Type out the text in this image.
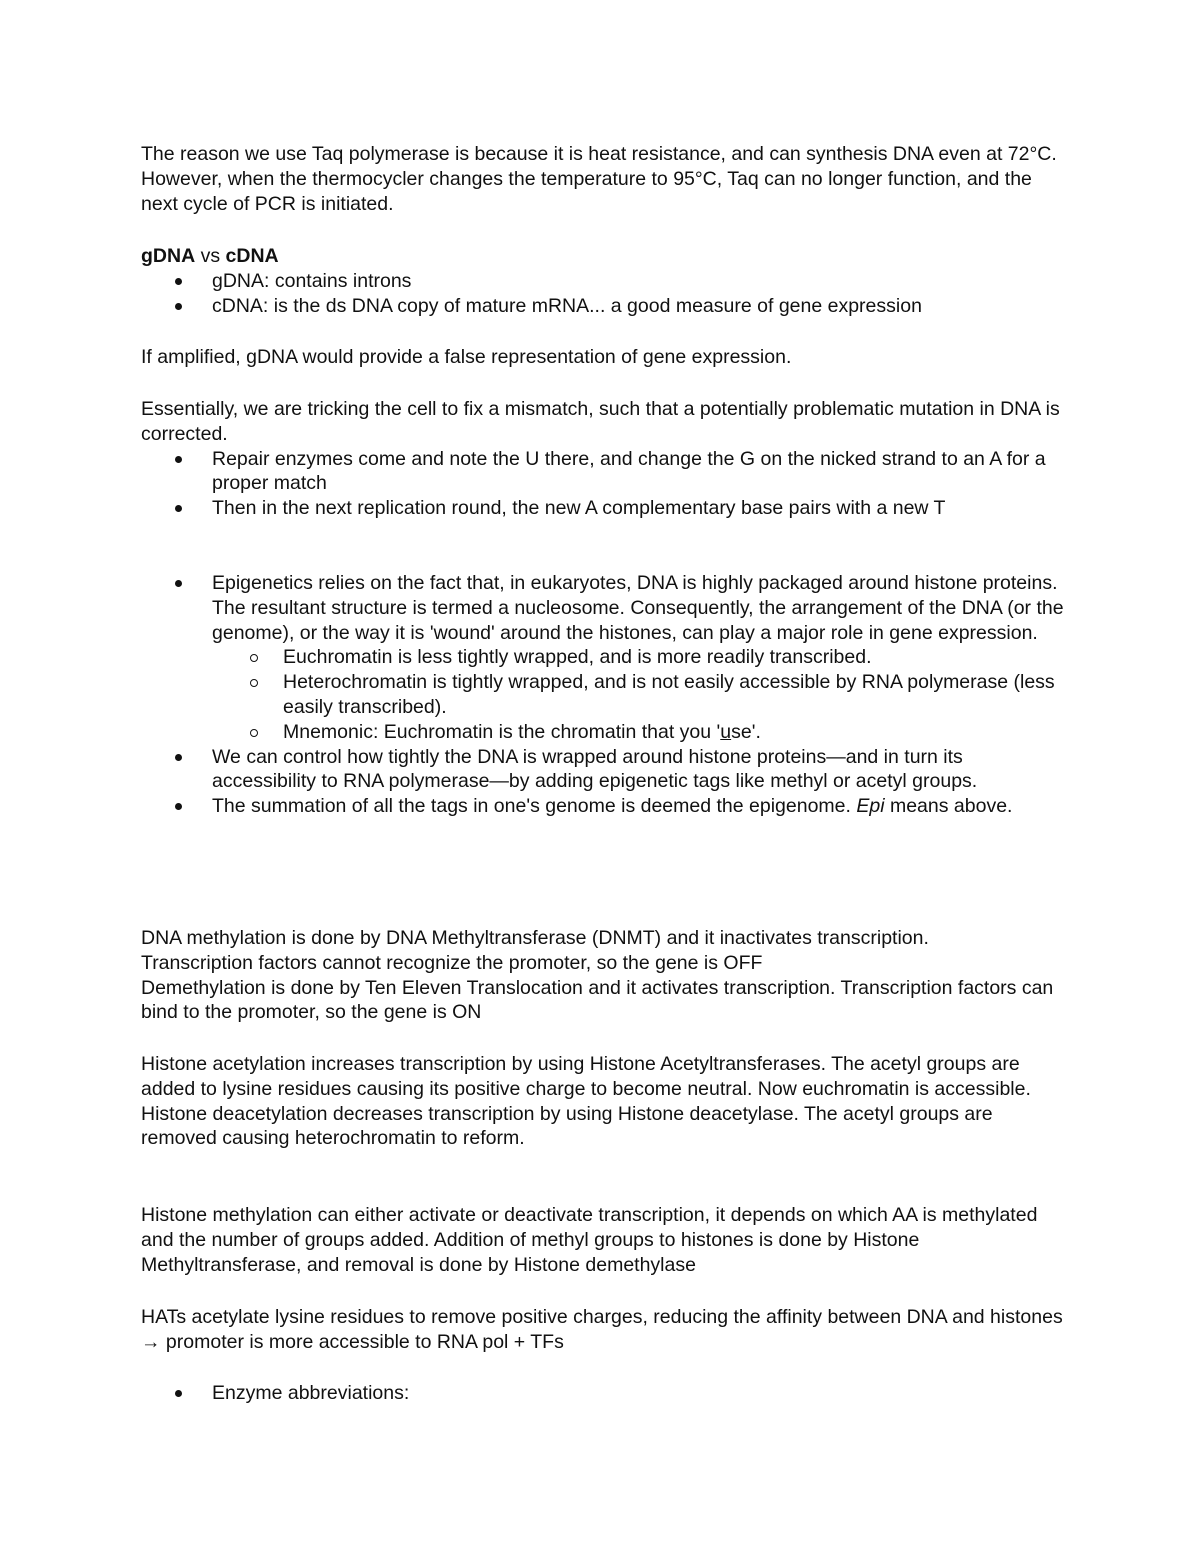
The reason we use Taq polymerase is because it is heat resistance, and can synthesis DNA even at 72°C. However, when the thermocycler changes the temperature to 95°C, Taq can no longer function, and the next cycle of PCR is initiated.

gDNA vs cDNA

gDNA: contains introns
cDNA: is the ds DNA copy of mature mRNA... a good measure of gene expression

If amplified, gDNA would provide a false representation of gene expression.

Essentially, we are tricking the cell to fix a mismatch, such that a potentially problematic mutation in DNA is corrected.

Repair enzymes come and note the U there, and change the G on the nicked strand to an A for a proper match
Then in the next replication round, the new A complementary base pairs with a new T
Epigenetics relies on the fact that, in eukaryotes, DNA is highly packaged around histone proteins. The resultant structure is termed a nucleosome. Consequently, the arrangement of the DNA (or the genome), or the way it is 'wound' around the histones, can play a major role in gene expression.
Euchromatin is less tightly wrapped, and is more readily transcribed.
Heterochromatin is tightly wrapped, and is not easily accessible by RNA polymerase (less easily transcribed).
Mnemonic: Euchromatin is the chromatin that you 'use'.
We can control how tightly the DNA is wrapped around histone proteins—and in turn its accessibility to RNA polymerase—by adding epigenetic tags like methyl or acetyl groups.
The summation of all the tags in one's genome is deemed the epigenome. Epi means above.

DNA methylation is done by DNA Methyltransferase (DNMT) and it inactivates transcription.

Transcription factors cannot recognize the promoter, so the gene is OFF

Demethylation is done by Ten Eleven Translocation and it activates transcription. Transcription factors can bind to the promoter, so the gene is ON

Histone acetylation increases transcription by using Histone Acetyltransferases. The acetyl groups are added to lysine residues causing its positive charge to become neutral. Now euchromatin is accessible.

Histone deacetylation decreases transcription by using Histone deacetylase. The acetyl groups are removed causing heterochromatin to reform.

Histone methylation can either activate or deactivate transcription, it depends on which AA is methylated and the number of groups added. Addition of methyl groups to histones is done by Histone Methyltransferase, and removal is done by Histone demethylase

HATs acetylate lysine residues to remove positive charges, reducing the affinity between DNA and histones → promoter is more accessible to RNA pol + TFs

Enzyme abbreviations:
